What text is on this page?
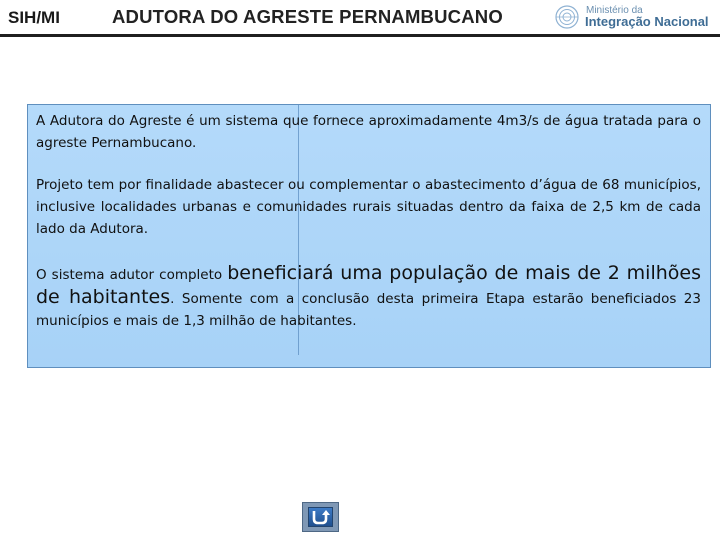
SIH/MI	ADUTORA DO AGRESTE PERNAMBUCANO	Ministério da
Integração Nacional
A Adutora do Agreste é um sistema que fornece aproximadamente 4m3/s de água tratada para o agreste Pernambucano.
Projeto tem por finalidade abastecer ou complementar o abastecimento d’água de 68 municípios, inclusive localidades urbanas e comunidades rurais situadas dentro da faixa de 2,5 km de cada lado da Adutora.
O sistema adutor completo beneficiará uma população de mais de 2 milhões de habitantes. Somente com a conclusão desta primeira Etapa estarão beneficiados 23 municípios e mais de 1,3 milhão de habitantes.
